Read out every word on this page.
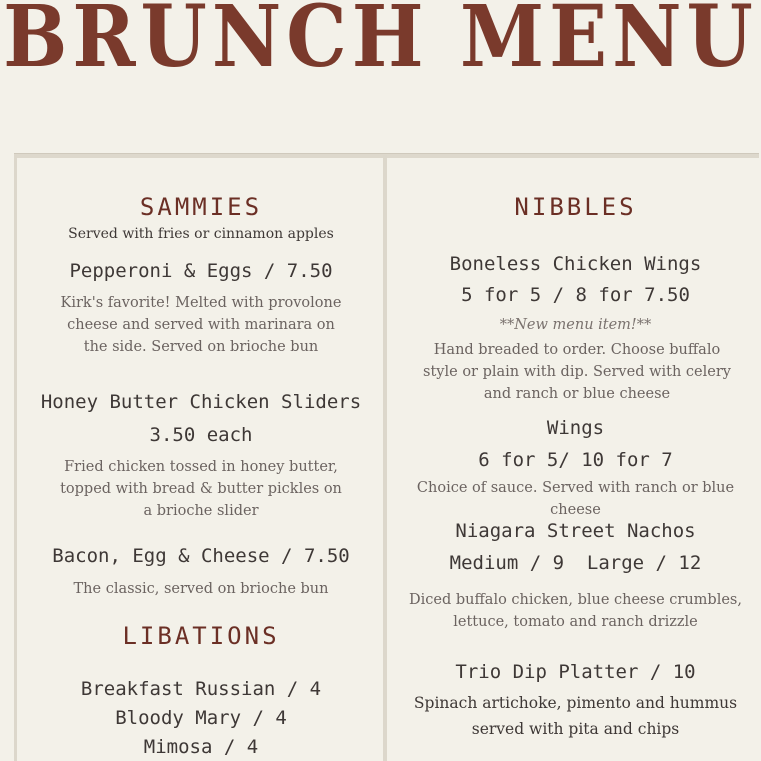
BRUNCH MENU
SAMMIES
Served with fries or cinnamon apples
Pepperoni & Eggs / 7.50
Kirk's favorite! Melted with provolone cheese and served with marinara on the side. Served on brioche bun
Honey Butter Chicken Sliders
3.50 each
Fried chicken tossed in honey butter, topped with bread & butter pickles on a brioche slider
Bacon, Egg & Cheese / 7.50
The classic, served on brioche bun
LIBATIONS
Breakfast Russian / 4
Bloody Mary / 4
Mimosa / 4
NIBBLES
Boneless Chicken Wings
5 for 5 / 8 for 7.50
**New menu item!**
Hand breaded to order. Choose buffalo style or plain with dip. Served with celery and ranch or blue cheese
Wings
6 for 5/ 10 for 7
Choice of sauce. Served with ranch or blue cheese
Niagara Street Nachos
Medium / 9  Large / 12
Diced buffalo chicken, blue cheese crumbles, lettuce, tomato and ranch drizzle
Trio Dip Platter / 10
Spinach artichoke, pimento and hummus served with pita and chips
